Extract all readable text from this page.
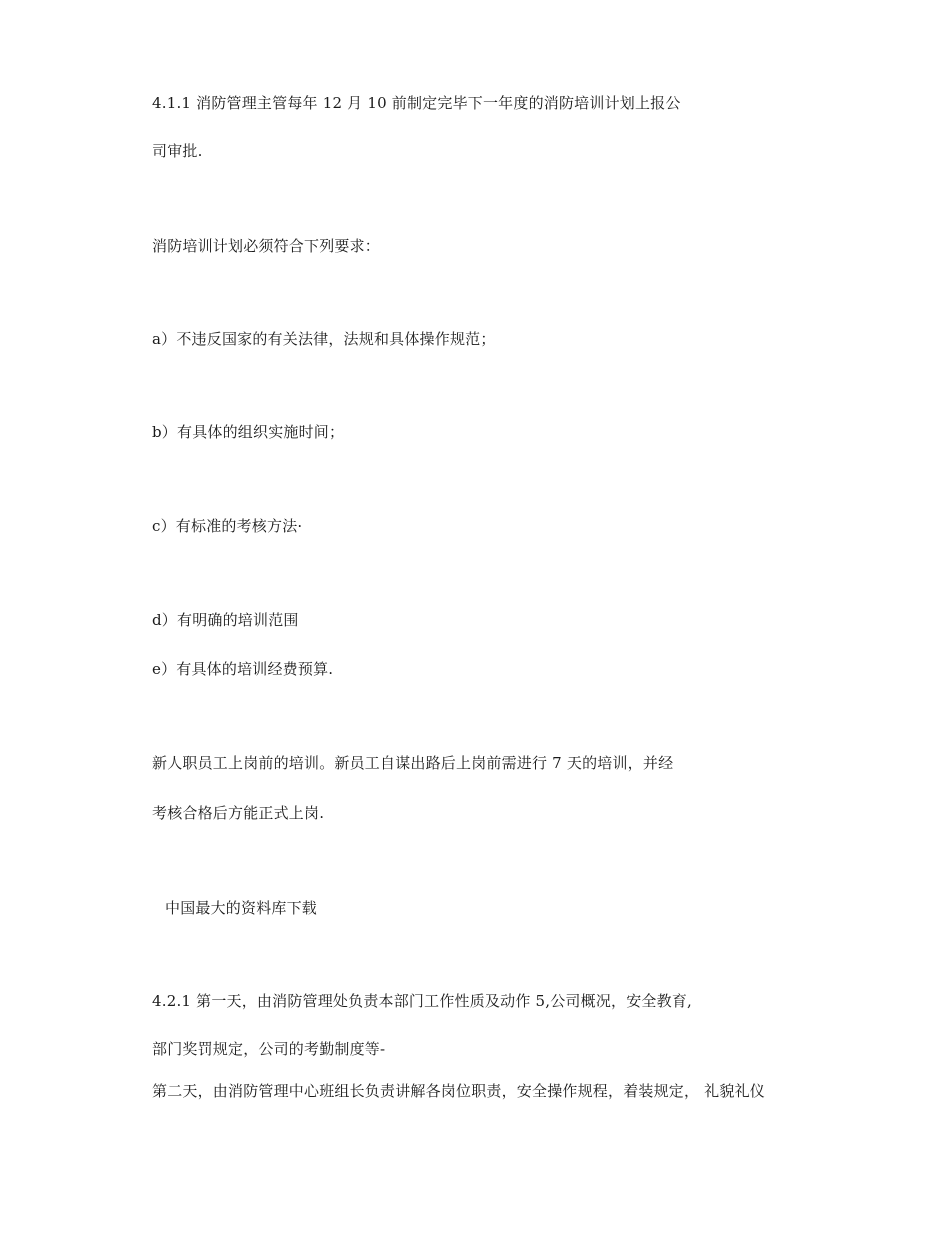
4.1.1 消防管理主管每年 12 月 10 前制定完毕下一年度的消防培训计划上报公
司审批.
消防培训计划必须符合下列要求：
a）不违反国家的有关法律，法规和具体操作规范；
b）有具体的组织实施时间；
c）有标准的考核方法·
d）有明确的培训范围
e）有具体的培训经费预算.
新人职员工上岗前的培训。新员工自谋出路后上岗前需进行 7 天的培训，并经
考核合格后方能正式上岗.
中国最大的资料库下载
4.2.1 第一天，由消防管理处负责本部门工作性质及动作 5,公司概况，安全教育,
部门奖罚规定，公司的考勤制度等-
第二天，由消防管理中心班组长负责讲解各岗位职责，安全操作规程，着装规定， 礼貌礼仪
